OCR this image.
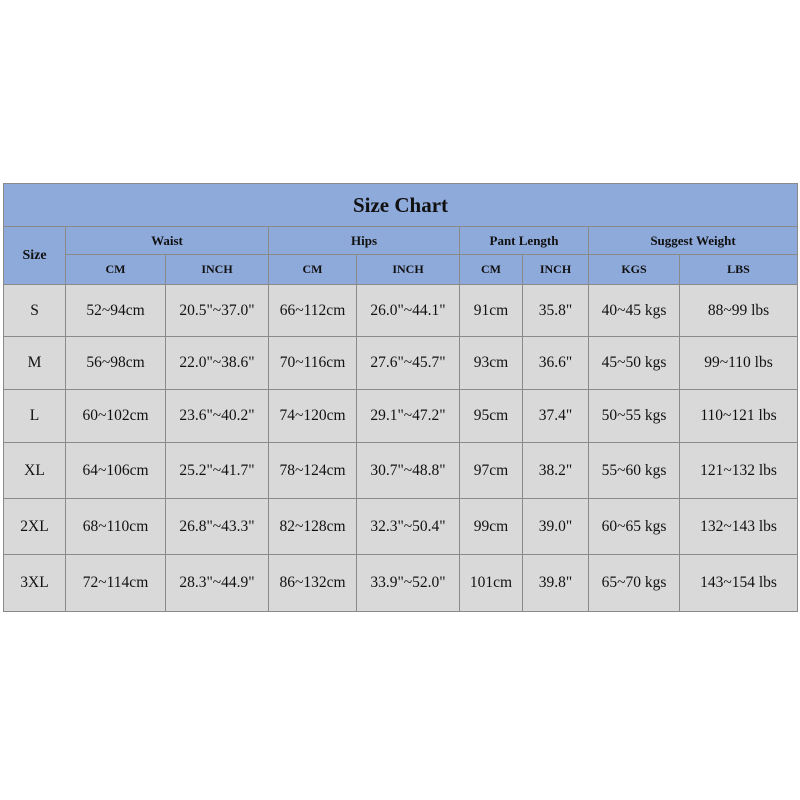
Size Chart								
Size	Waist		Hips		Pant Length		Suggest Weight	
	CM	INCH	CM	INCH	CM	INCH	KGS	LBS
S	52~94cm	20.5"~37.0"	66~112cm	26.0"~44.1"	91cm	35.8"	40~45 kgs	88~99 lbs
M	56~98cm	22.0"~38.6"	70~116cm	27.6"~45.7"	93cm	36.6"	45~50 kgs	99~110 lbs
L	60~102cm	23.6"~40.2"	74~120cm	29.1"~47.2"	95cm	37.4"	50~55 kgs	110~121 lbs
XL	64~106cm	25.2"~41.7"	78~124cm	30.7"~48.8"	97cm	38.2"	55~60 kgs	121~132 lbs
2XL	68~110cm	26.8"~43.3"	82~128cm	32.3"~50.4"	99cm	39.0"	60~65 kgs	132~143 lbs
3XL	72~114cm	28.3"~44.9"	86~132cm	33.9"~52.0"	101cm	39.8"	65~70 kgs	143~154 lbs
